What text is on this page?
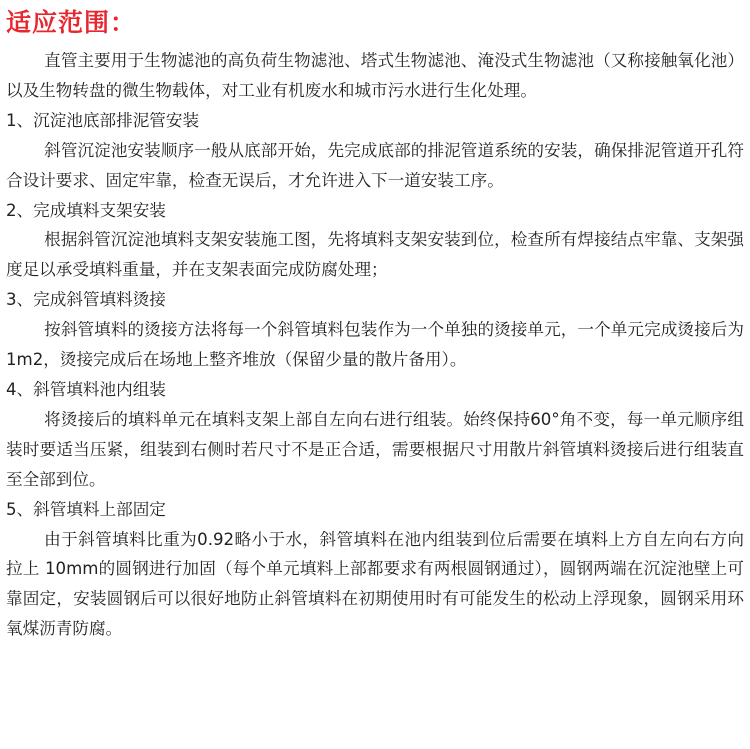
适应范围：

直管主要用于生物滤池的高负荷生物滤池、塔式生物滤池、淹没式生物滤池（又称接触氧化池）以及生物转盘的微生物载体，对工业有机废水和城市污水进行生化处理。

1、沉淀池底部排泥管安装

斜管沉淀池安装顺序一般从底部开始，先完成底部的排泥管道系统的安装，确保排泥管道开孔符合设计要求、固定牢靠，检查无误后，才允许进入下一道安装工序。

2、完成填料支架安装

根据斜管沉淀池填料支架安装施工图，先将填料支架安装到位，检查所有焊接结点牢靠、支架强度足以承受填料重量，并在支架表面完成防腐处理；

3、完成斜管填料烫接

按斜管填料的烫接方法将每一个斜管填料包装作为一个单独的烫接单元，一个单元完成烫接后为1m2，烫接完成后在场地上整齐堆放（保留少量的散片备用）。

4、斜管填料池内组装

将烫接后的填料单元在填料支架上部自左向右进行组装。始终保持60°角不变，每一单元顺序组装时要适当压紧，组装到右侧时若尺寸不是正合适，需要根据尺寸用散片斜管填料烫接后进行组装直至全部到位。

5、斜管填料上部固定

由于斜管填料比重为0.92略小于水，斜管填料在池内组装到位后需要在填料上方自左向右方向拉上 10mm的圆钢进行加固（每个单元填料上部都要求有两根圆钢通过），圆钢两端在沉淀池壁上可靠固定，安装圆钢后可以很好地防止斜管填料在初期使用时有可能发生的松动上浮现象，圆钢采用环氧煤沥青防腐。
